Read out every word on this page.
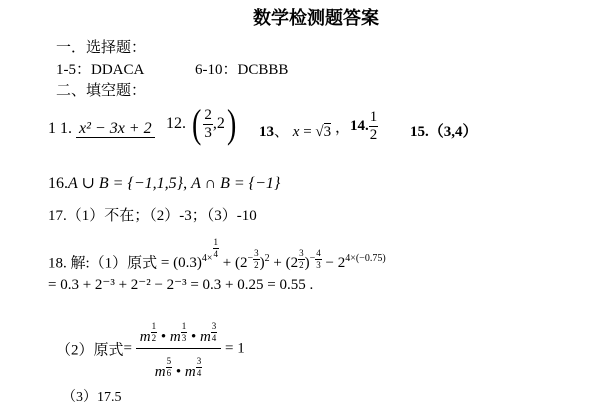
数学检测题答案
一．选择题：
1-5：DDACA	6-10：DCBBB
二、填空题：
1 1. x² − 3x + 2 12. ( $\frac{2}{3} ,2$) 13、 x = √3 ，14. $\frac{1}{2} 15.(3,4)$
16.A ∪ B = {−1,1,5}, A ∩ B = {−1}
17.（1）不在；（2）-3；（3）-10
18. 解:（1）原式 = $(0.3)^{4\times \frac{1}{4}}$
+ ($2^{- \frac{3}{2}}$ )$^2$ + (2 $^{\frac{3}{2}}$ )$^{- \frac{4}{3}} - 2^{4\times(-0.75)}$
= 0.3 + 2⁻³ + 2⁻² − 2⁻³ = 0.3 + 0.25 = 0.55 .
（2）原式= m $^{\frac{1}{2}}$ • m $^{\frac{1}{3}}$ • m $^{\frac{3}{4}}$
m $^{\frac{5}{6}}$ • m $^{\frac{3}{4}}$ = 1
（3）17.5
